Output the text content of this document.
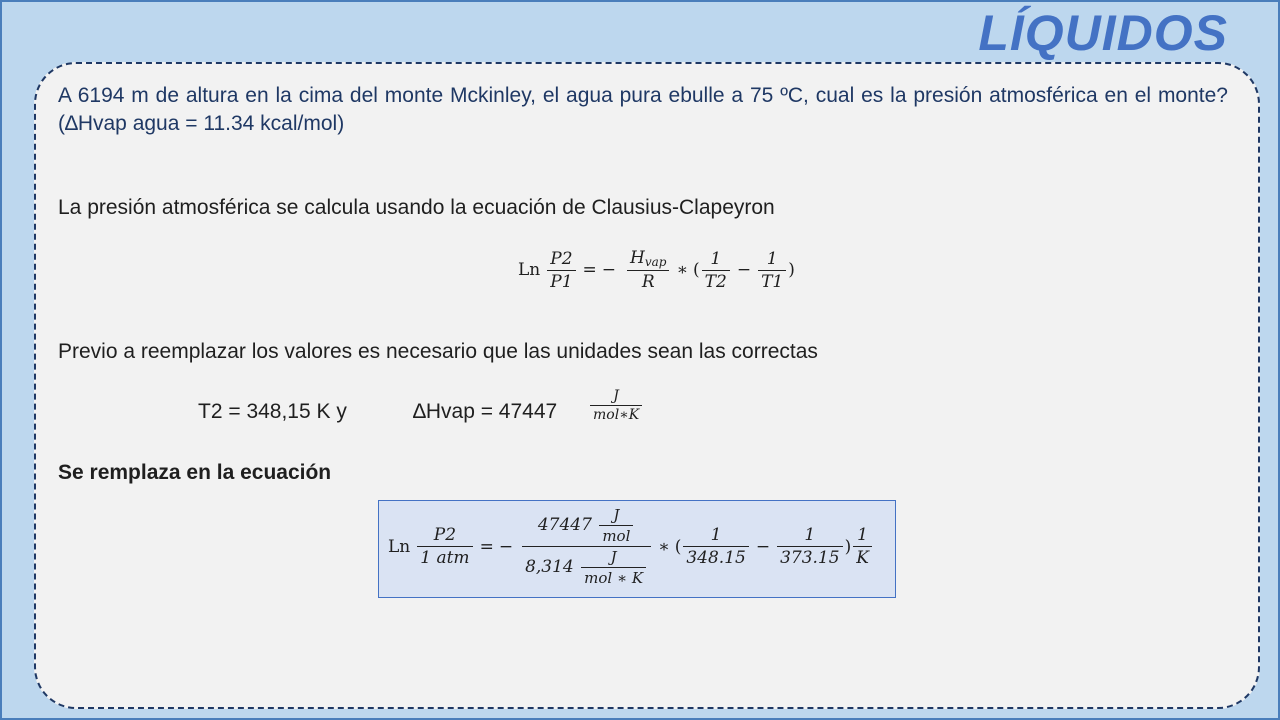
LÍQUIDOS
A 6194 m de altura en la cima del monte Mckinley, el agua pura ebulle a 75 ºC, cual es la presión atmosférica en el monte? (∆Hvap agua = 11.34 kcal/mol)
La presión atmosférica se calcula usando la ecuación de Clausius-Clapeyron
Ln $\frac{P2}{P1}$ = − $\frac{H_{vap}}{R}$ ∗ ( $\frac{1}{T2} - \frac{1}{T1}$ )
Previo a reemplazar los valores es necesario que las unidades sean las correctas
T2 = 348,15 K y	∆Hvap = $47447 \frac{J}{\text{mol∗K}}$
Se remplaza en la ecuación
Ln $\frac{P2}{\text{1 atm}}$ = − $\frac{47447 \frac{J}{\text{mol}}}{8,314 \frac{J}{\text{mol ∗ K}}}$ ∗ ( $\frac{1}{348.15} - \frac{1}{373.15}$ ) $\frac{1}{K}$
